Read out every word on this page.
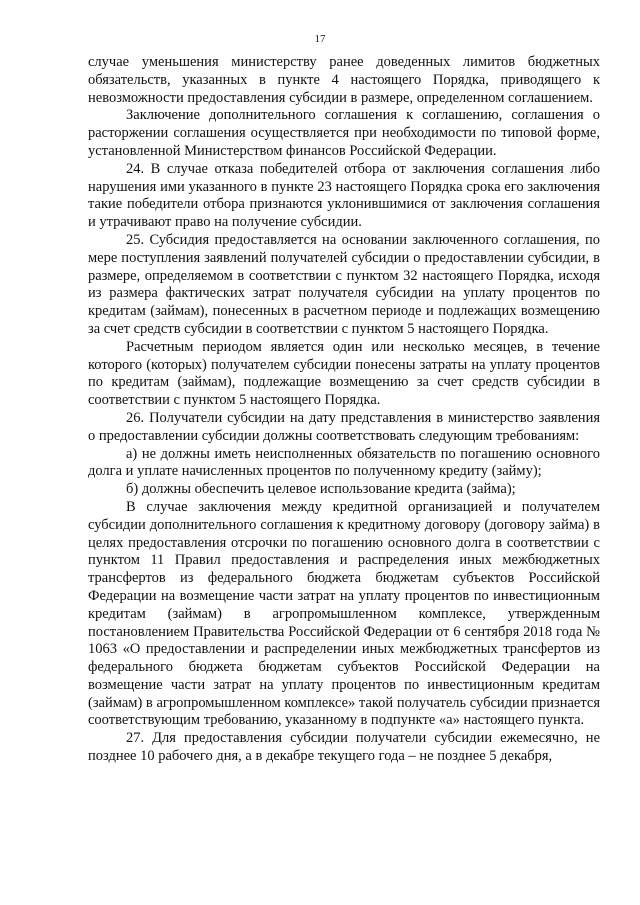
17

случае уменьшения министерству ранее доведенных лимитов бюджетных обязательств, указанных в пункте 4 настоящего Порядка, приводящего к невозможности предоставления субсидии в размере, определенном соглашением.

Заключение дополнительного соглашения к соглашению, соглашения о расторжении соглашения осуществляется при необходимости по типовой форме, установленной Министерством финансов Российской Федерации.

24. В случае отказа победителей отбора от заключения соглашения либо нарушения ими указанного в пункте 23 настоящего Порядка срока его заключения такие победители отбора признаются уклонившимися от заключения соглашения и утрачивают право на получение субсидии.

25. Субсидия предоставляется на основании заключенного соглашения, по мере поступления заявлений получателей субсидии о предоставлении субсидии, в размере, определяемом в соответствии с пунктом 32 настоящего Порядка, исходя из размера фактических затрат получателя субсидии на уплату процентов по кредитам (займам), понесенных в расчетном периоде и подлежащих возмещению за счет средств субсидии в соответствии с пунктом 5 настоящего Порядка.

Расчетным периодом является один или несколько месяцев, в течение которого (которых) получателем субсидии понесены затраты на уплату процентов по кредитам (займам), подлежащие возмещению за счет средств субсидии в соответствии с пунктом 5 настоящего Порядка.

26. Получатели субсидии на дату представления в министерство заявления о предоставлении субсидии должны соответствовать следующим требованиям:

а) не должны иметь неисполненных обязательств по погашению основного долга и уплате начисленных процентов по полученному кредиту (займу);

б) должны обеспечить целевое использование кредита (займа);

В случае заключения между кредитной организацией и получателем субсидии дополнительного соглашения к кредитному договору (договору займа) в целях предоставления отсрочки по погашению основного долга в соответствии с пунктом 11 Правил предоставления и распределения иных межбюджетных трансфертов из федерального бюджета бюджетам субъектов Российской Федерации на возмещение части затрат на уплату процентов по инвестиционным кредитам (займам) в агропромышленном комплексе, утвержденным постановлением Правительства Российской Федерации от 6 сентября 2018 года № 1063 «О предоставлении и распределении иных межбюджетных трансфертов из федерального бюджета бюджетам субъектов Российской Федерации на возмещение части затрат на уплату процентов по инвестиционным кредитам (займам) в агропромышленном комплексе» такой получатель субсидии признается соответствующим требованию, указанному в подпункте «а» настоящего пункта.

27. Для предоставления субсидии получатели субсидии ежемесячно, не позднее 10 рабочего дня, а в декабре текущего года – не позднее 5 декабря,
